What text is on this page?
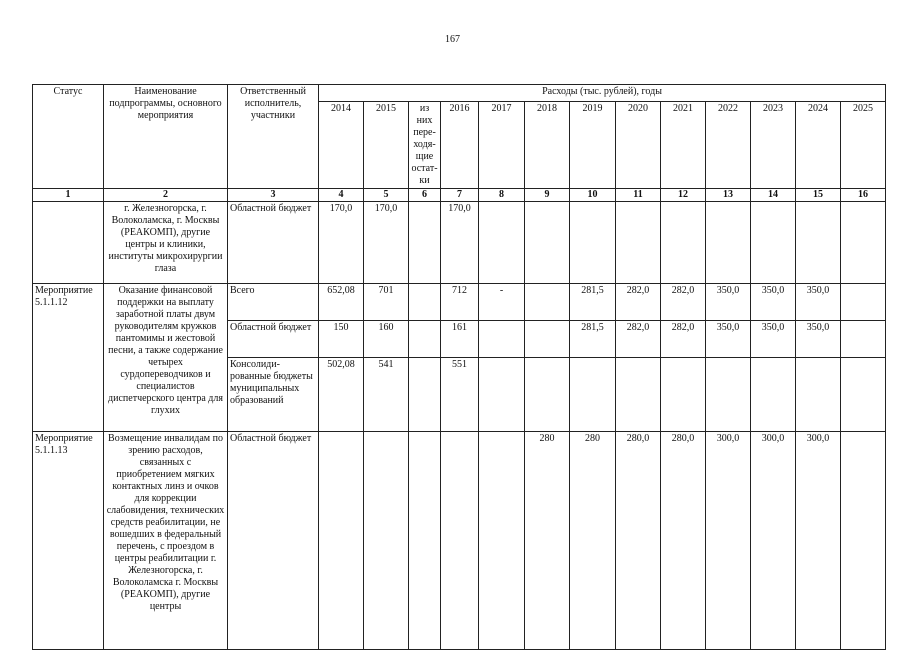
167
Статус	Наименование подпрограммы, основного мероприятия	Ответственный исполнитель, участники	Расходы (тыс. рублей), годы												
			2014	2015	из них пере-ходя-щие остат-ки	2016	2017	2018	2019	2020	2021	2022	2023	2024	2025
1	2	3	4	5	6	7	8	9	10	11	12	13	14	15	16
	г. Железногорска, г. Волоколамска, г. Москвы (РЕАКОМП), другие центры и клиники, институты микрохирургии глаза	Областной бюджет	170,0	170,0		170,0									
Мероприятие 5.1.1.12	Оказание финансовой поддержки на выплату заработной платы двум руководителям кружков пантомимы и жестовой песни, а также содержание четырех сурдопереводчиков и специалистов диспетчерского центра для глухих	Всего	652,08	701		712	-		281,5	282,0	282,0	350,0	350,0	350,0	
		Областной бюджет	150	160		161			281,5	282,0	282,0	350,0	350,0	350,0	
		Консолиди-рованные бюджеты муниципальных образований	502,08	541		551									
Мероприятие 5.1.1.13	Возмещение инвалидам по зрению расходов, связанных с приобретением мягких контактных линз и очков для коррекции слабовидения, технических средств реабилитации, не вошедших в федеральный перечень, с проездом в центры реабилитации г. Железногорска, г. Волоколамска г. Москвы (РЕАКОМП), другие центры	Областной бюджет						280	280	280,0	280,0	300,0	300,0	300,0	
